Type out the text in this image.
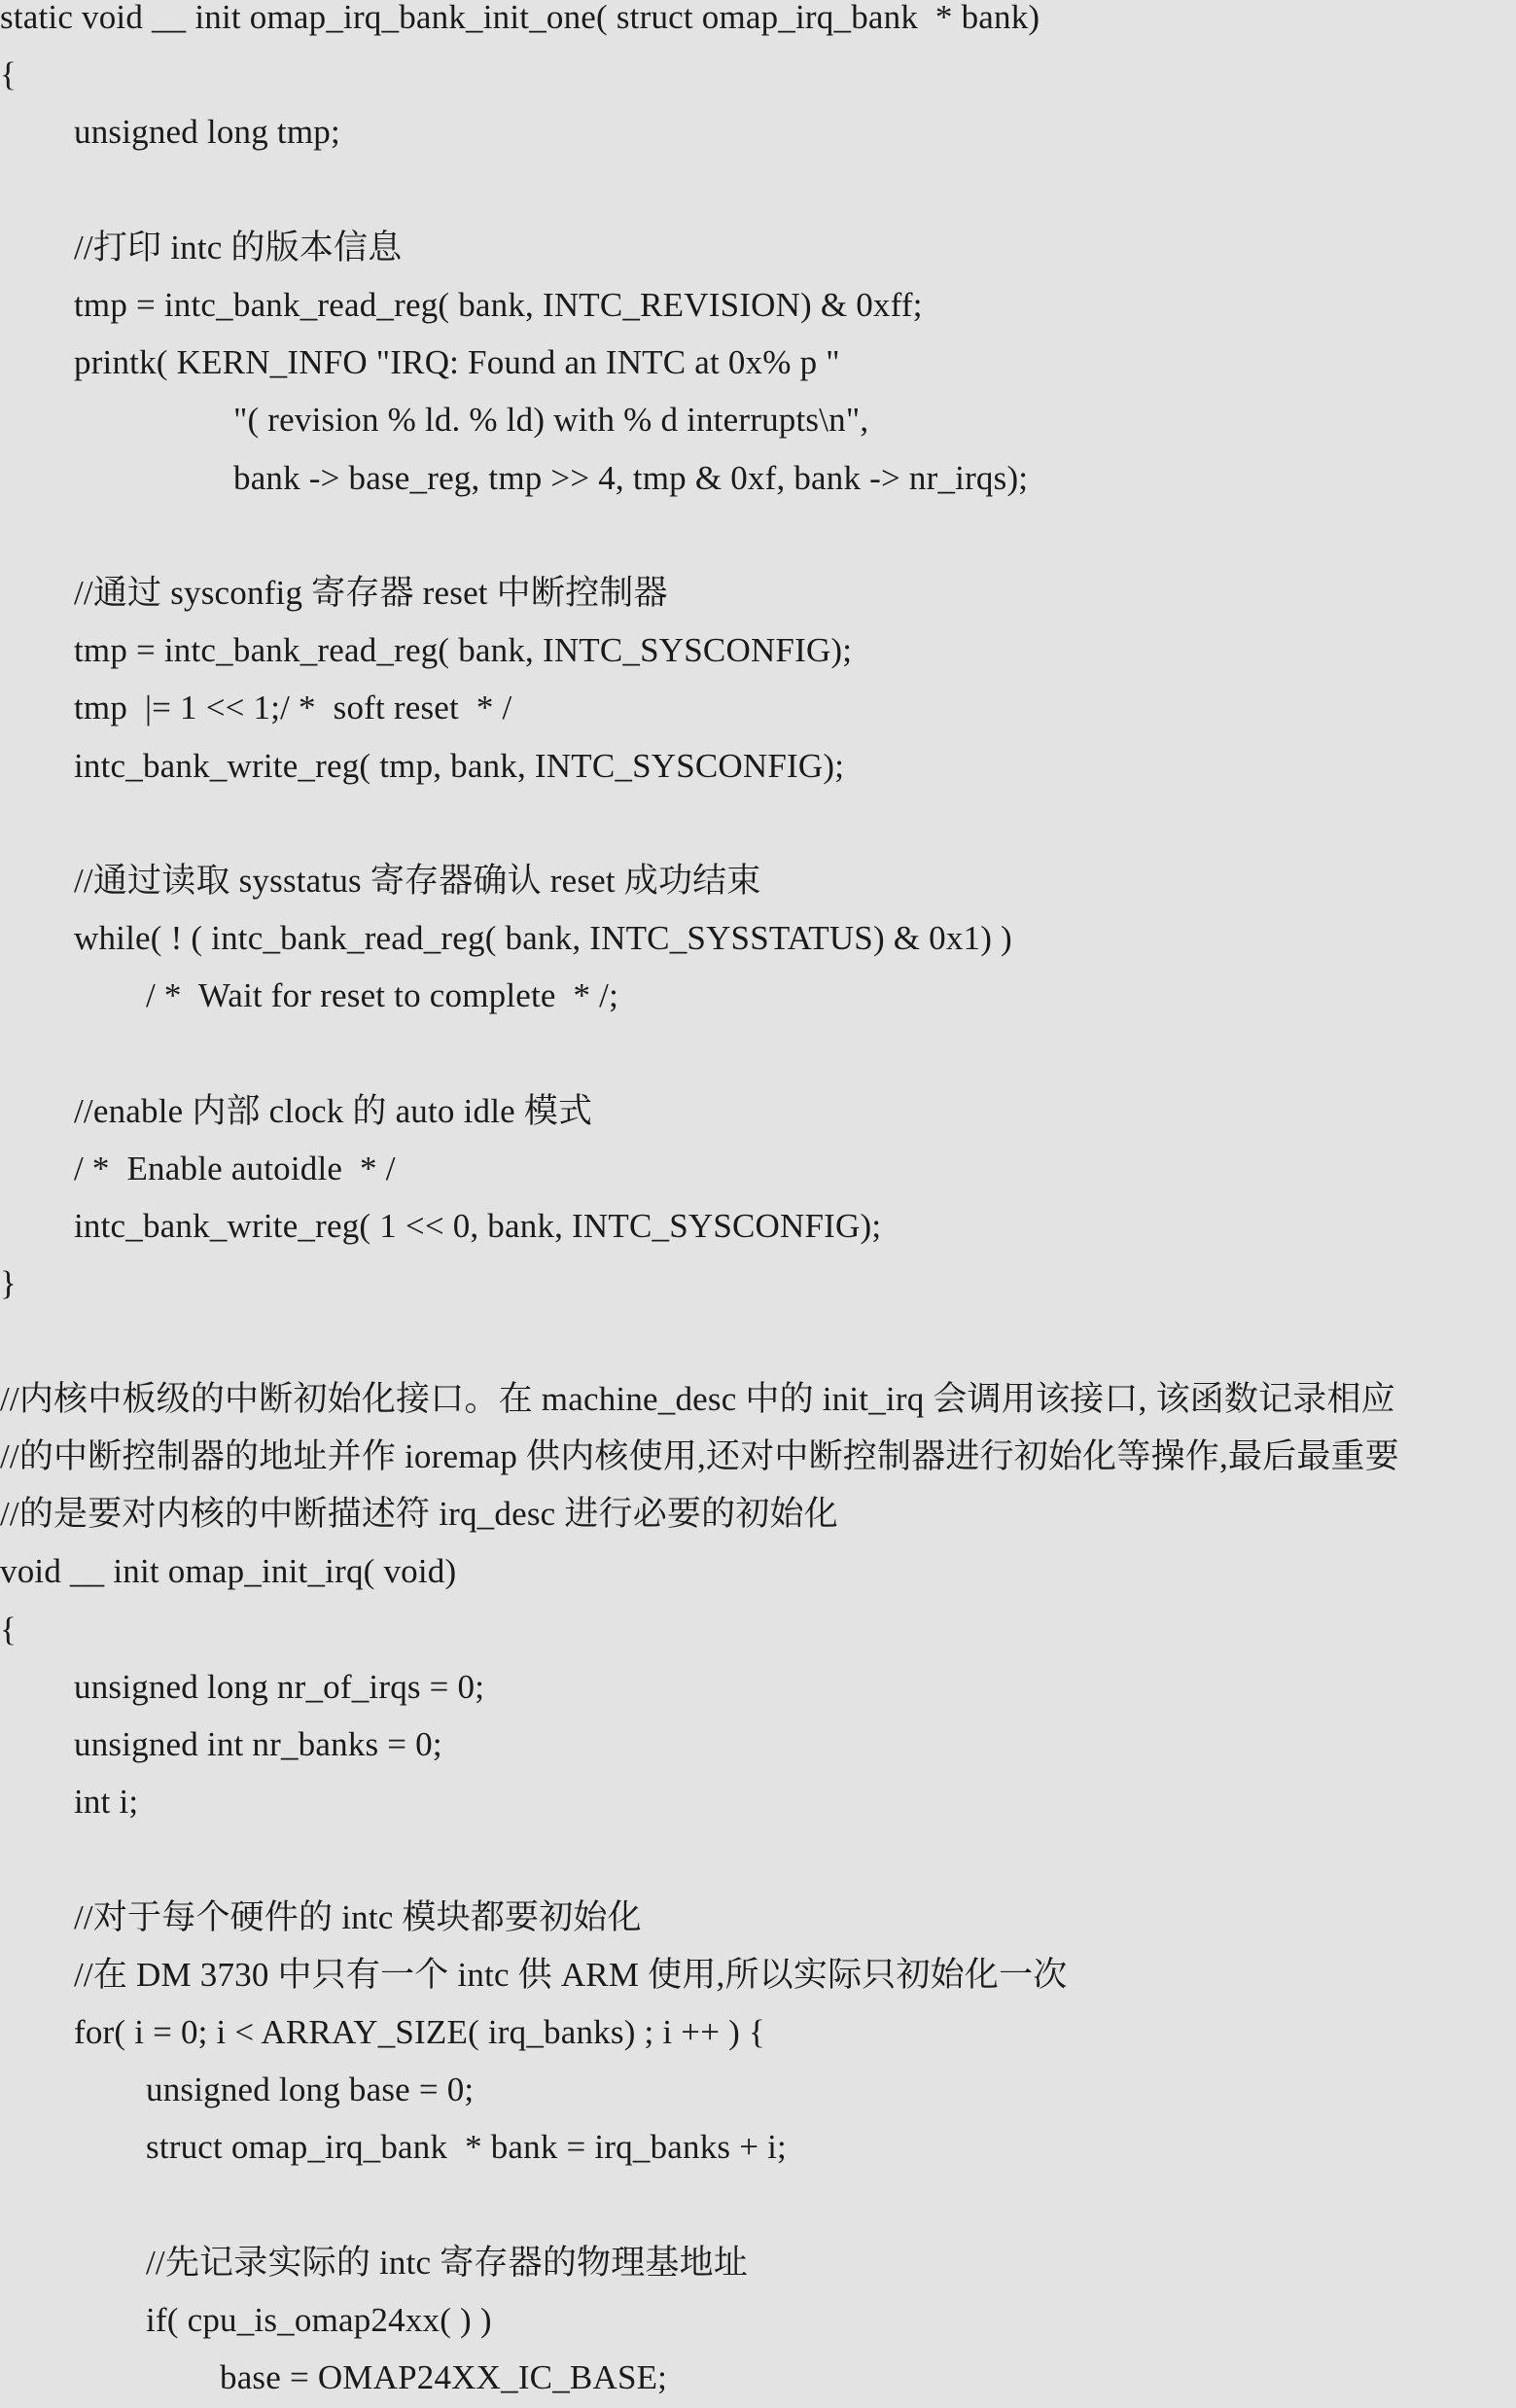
static void __ init omap_irq_bank_init_one( struct omap_irq_bank  * bank)
{
unsigned long tmp;
//打印 intc 的版本信息
tmp = intc_bank_read_reg( bank, INTC_REVISION) & 0xff;
printk( KERN_INFO "IRQ: Found an INTC at 0x% p "
"( revision % ld. % ld) with % d interrupts\n",
bank -> base_reg, tmp >> 4, tmp & 0xf, bank -> nr_irqs);
//通过 sysconfig 寄存器 reset 中断控制器
tmp = intc_bank_read_reg( bank, INTC_SYSCONFIG);
tmp  |= 1 << 1;/ *  soft reset  * /
intc_bank_write_reg( tmp, bank, INTC_SYSCONFIG);
//通过读取 sysstatus 寄存器确认 reset 成功结束
while( ! ( intc_bank_read_reg( bank, INTC_SYSSTATUS) & 0x1) )
/ *  Wait for reset to complete  * /;
//enable 内部 clock 的 auto idle 模式
/ *  Enable autoidle  * /
intc_bank_write_reg( 1 << 0, bank, INTC_SYSCONFIG);
}
//内核中板级的中断初始化接口。在 machine_desc 中的 init_irq 会调用该接口, 该函数记录相应
//的中断控制器的地址并作 ioremap 供内核使用,还对中断控制器进行初始化等操作,最后最重要
//的是要对内核的中断描述符 irq_desc 进行必要的初始化
void __ init omap_init_irq( void)
{
unsigned long nr_of_irqs = 0;
unsigned int nr_banks = 0;
int i;
//对于每个硬件的 intc 模块都要初始化
//在 DM 3730 中只有一个 intc 供 ARM 使用,所以实际只初始化一次
for( i = 0; i < ARRAY_SIZE( irq_banks) ; i ++ ) {
unsigned long base = 0;
struct omap_irq_bank  * bank = irq_banks + i;
//先记录实际的 intc 寄存器的物理基地址
if( cpu_is_omap24xx( ) )
base = OMAP24XX_IC_BASE;
